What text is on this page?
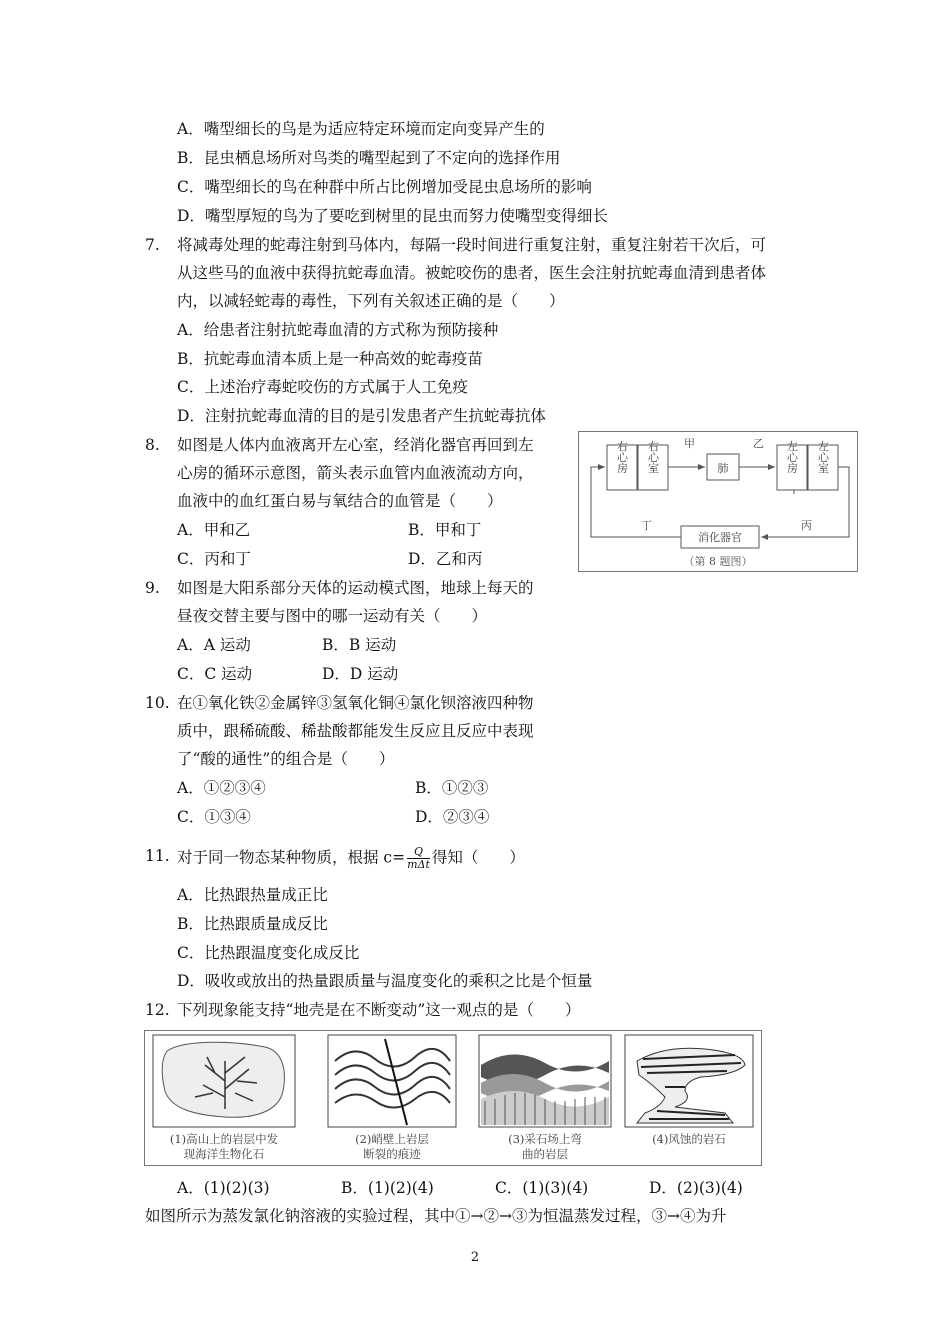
A．嘴型细长的鸟是为适应特定环境而定向变异产生的
B．昆虫栖息场所对鸟类的嘴型起到了不定向的选择作用
C．嘴型细长的鸟在种群中所占比例增加受昆虫息场所的影响
D．嘴型厚短的鸟为了要吃到树里的昆虫而努力使嘴型变得细长
7. 将减毒处理的蛇毒注射到马体内，每隔一段时间进行重复注射，重复注射若干次后，可
从这些马的血液中获得抗蛇毒血清。被蛇咬伤的患者，医生会注射抗蛇毒血清到患者体
内，以减轻蛇毒的毒性，下列有关叙述正确的是（　　）
A．给患者注射抗蛇毒血清的方式称为预防接种
B．抗蛇毒血清本质上是一种高效的蛇毒疫苗
C．上述治疗毒蛇咬伤的方式属于人工免疫
D．注射抗蛇毒血清的目的是引发患者产生抗蛇毒抗体
8. 如图是人体内血液离开左心室，经消化器官再回到左
心房的循环示意图，箭头表示血管内血液流动方向，
血液中的血红蛋白易与氧结合的血管是（　　）
A．甲和乙	B．甲和丁
C．丙和丁	D．乙和丙
右心房 右心室	肺	左心房 左心室
消化器官
甲	乙
丙
丁
（第 8 题图）
9. 如图是大阳系部分天体的运动模式图，地球上每天的
昼夜交替主要与图中的哪一运动有关（　　）
A．A 运动	B．B 运动
C．C 运动	D．D 运动
10. 在①氧化铁②金属锌③氢氧化铜④氯化钡溶液四种物
质中，跟稀硫酸、稀盐酸都能发生反应且反应中表现
了“酸的通性”的组合是（　　）
A．①②③④	B．①②③
C．①③④	D．②③④
11. 对于同一物态某种物质，根据 $c= \frac{Q}{\text{mΔt}}$ 得知（　　）
A．比热跟热量成正比
B．比热跟质量成反比
C．比热跟温度变化成反比
D．吸收或放出的热量跟质量与温度变化的乘积之比是个恒量
12. 下列现象能支持“地壳是在不断变动”这一观点的是（　　）
(1)高山上的岩层中发
现海洋生物化石
(2)峭壁上岩层
断裂的痕迹
(3)采石场上弯
曲的岩层
(4)风蚀的岩石
A．(1)(2)(3)	B．(1)(2)(4)	C．(1)(3)(4)	D．(2)(3)(4)
如图所示为蒸发氯化钠溶液的实验过程，其中①→②→③为恒温蒸发过程，③→④为升
2
